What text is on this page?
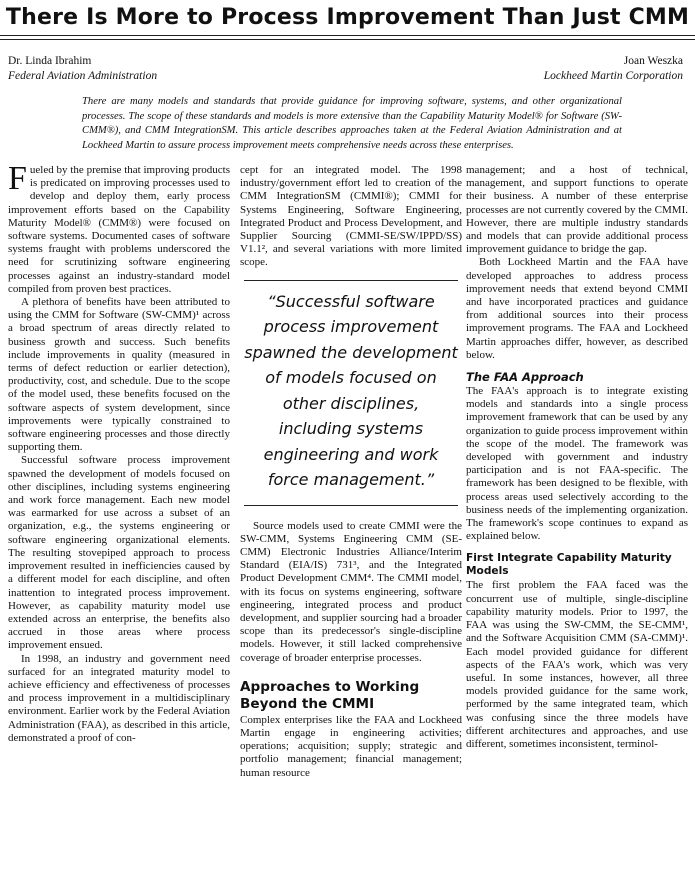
There Is More to Process Improvement Than Just CMM
Dr. Linda Ibrahim
Federal Aviation Administration
Joan Weszka
Lockheed Martin Corporation

There are many models and standards that provide guidance for improving software, systems, and other organizational processes. The scope of these standards and models is more extensive than the Capability Maturity Model® for Software (SW-CMM®), and CMM IntegrationSM. This article describes approaches taken at the Federal Aviation Administration and at Lockheed Martin to assure process improvement meets comprehensive needs across these enterprises.

Fueled by the premise that improving products is predicated on improving processes used to develop and deploy them, early process improvement efforts based on the Capability Maturity Model® (CMM®) were focused on software systems. Documented cases of software systems fraught with problems underscored the need for scrutinizing software engineering processes against an industry-standard model compiled from proven best practices.

A plethora of benefits have been attributed to using the CMM for Software (SW-CMM)¹ across a broad spectrum of areas directly related to business growth and success. Such benefits include improvements in quality (measured in terms of defect reduction or earlier detection), productivity, cost, and schedule. Due to the scope of the model used, these benefits focused on the software aspects of system development, since improvements were typically constrained to software engineering processes and those directly supporting them.

Successful software process improvement spawned the development of models focused on other disciplines, including systems engineering and work force management. Each new model was earmarked for use across a subset of an organization, e.g., the systems engineering or software engineering organizational elements. The resulting stovepiped approach to process improvement resulted in inefficiencies caused by a different model for each discipline, and often inattention to integrated process improvement. However, as capability maturity model use extended across an enterprise, the benefits also accrued in those areas where process improvement ensued.

In 1998, an industry and government need surfaced for an integrated maturity model to achieve efficiency and effectiveness of processes and process improvement in a multidisciplinary environment. Earlier work by the Federal Aviation Administration (FAA), as described in this article, demonstrated a proof of con-

cept for an integrated model. The 1998 industry/government effort led to creation of the CMM IntegrationSM (CMMI®); CMMI for Systems Engineering, Software Engineering, Integrated Product and Process Development, and Supplier Sourcing (CMMI-SE/SW/IPPD/SS) V1.1², and several variations with more limited scope.

“Successful software process improvement spawned the development of models focused on other disciplines, including systems engineering and work force management.”

Source models used to create CMMI were the SW-CMM, Systems Engineering CMM (SE-CMM) Electronic Industries Alliance/Interim Standard (EIA/IS) 731³, and the Integrated Product Development CMM⁴. The CMMI model, with its focus on systems engineering, software engineering, integrated process and product development, and supplier sourcing had a broader scope than its predecessor's single-discipline models. However, it still lacked comprehensive coverage of broader enterprise processes.

Approaches to Working Beyond the CMMI

Complex enterprises like the FAA and Lockheed Martin engage in engineering activities; operations; acquisition; supply; strategic and portfolio management; financial management; human resource

management; and a host of technical, management, and support functions to operate their business. A number of these enterprise processes are not currently covered by the CMMI. However, there are multiple industry standards and models that can provide additional process improvement guidance to bridge the gap.

Both Lockheed Martin and the FAA have developed approaches to address process improvement needs that extend beyond CMMI and have incorporated practices and guidance from additional sources into their process improvement programs. The FAA and Lockheed Martin approaches differ, however, as described below.

The FAA Approach

The FAA's approach is to integrate existing models and standards into a single process improvement framework that can be used by any organization to guide process improvement within the scope of the model. The framework was developed with government and industry participation and is not FAA-specific. The framework has been designed to be flexible, with process areas used selectively according to the business needs of the implementing organization. The framework's scope continues to expand as explained below.

First Integrate Capability Maturity Models

The first problem the FAA faced was the concurrent use of multiple, single-discipline capability maturity models. Prior to 1997, the FAA was using the SW-CMM, the SE-CMM¹, and the Software Acquisition CMM (SA-CMM)¹. Each model provided guidance for different aspects of the FAA's work, which was very useful. In some instances, however, all three models provided guidance for the same work, performed by the same integrated team, which was confusing since the three models have different architectures and approaches, and use different, sometimes inconsistent, terminol-
